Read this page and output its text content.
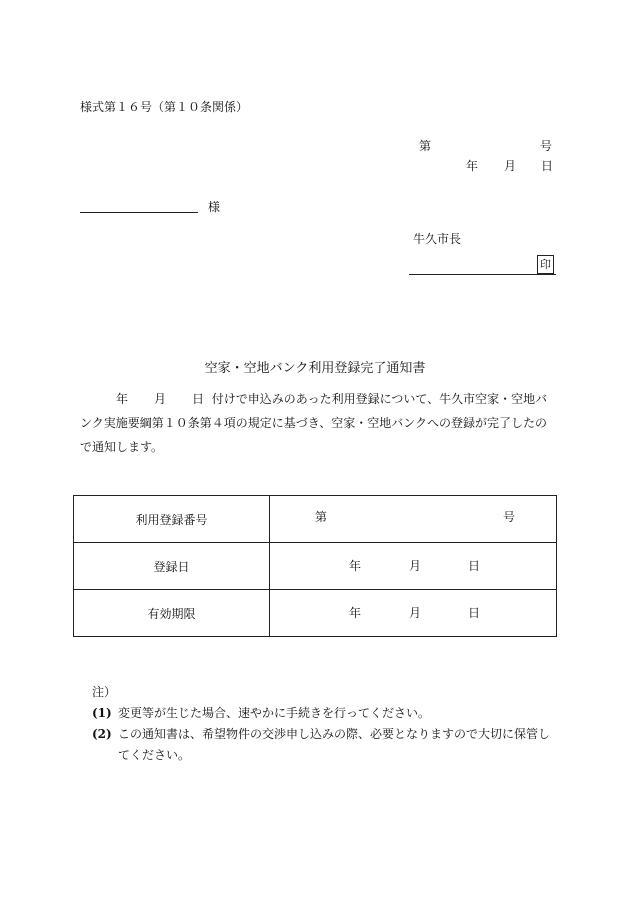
様式第１６号（第１０条関係）
第	号
年 月 日
様
牛久市長
印
空家・空地バンク利用登録完了通知書

年 月 日 付けで申込みのあった利用登録について、牛久市空家・空地バ

ンク実施要綱第１０条第４項の規定に基づき、空家・空地バンクへの登録が完了したの

で通知します。

利用登録番号	第 号

登録日	年 月 日

有効期限	年 月 日
注）
(1) 変更等が生じた場合、速やかに手続きを行ってください。
(2) この通知書は、希望物件の交渉申し込みの際、必要となりますので大切に保管してください。
